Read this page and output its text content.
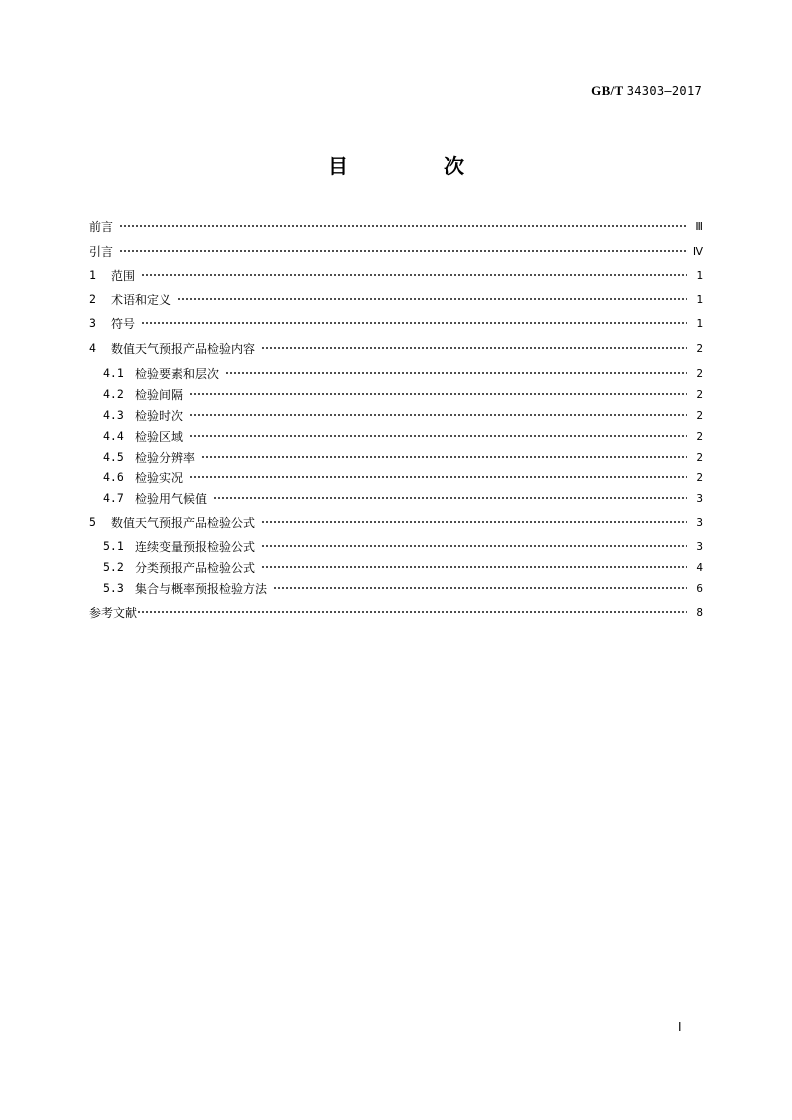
GB/T 34303—2017
目　次
前言	Ⅲ
引言	Ⅳ
1	范围	1
2	术语和定义	1
3	符号	1
4	数值天气预报产品检验内容	2
4.1 检验要素和层次	2
4.2 检验间隔	2
4.3 检验时次	2
4.4 检验区域	2
4.5 检验分辨率	2
4.6 检验实况	2
4.7 检验用气候值	3
5	数值天气预报产品检验公式	3
5.1 连续变量预报检验公式	3
5.2 分类预报产品检验公式	4
5.3 集合与概率预报检验方法	6
参考文献	8
Ⅰ
